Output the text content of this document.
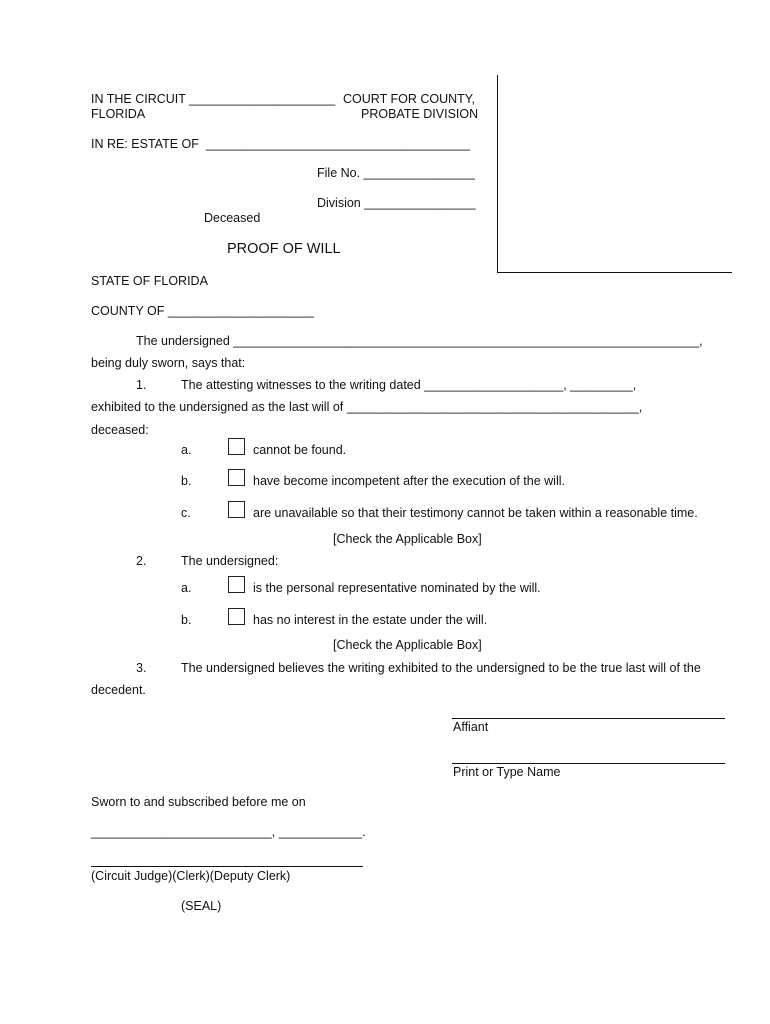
IN THE CIRCUIT _____________________ COURT FOR COUNTY,
FLORIDA	PROBATE DIVISION
IN RE: ESTATE OF  ______________________________________
File No. ________________
Division ________________
Deceased
PROOF OF WILL
STATE OF FLORIDA
COUNTY OF _____________________
The undersigned ___________________________________________________________________,
being duly sworn, says that:
1.	The attesting witnesses to the writing dated ____________________, _________,
exhibited to the undersigned as the last will of __________________________________________,
deceased:
a.	cannot be found.
b.	have become incompetent after the execution of the will.
c.	are unavailable so that their testimony cannot be taken within a reasonable time.
[Check the Applicable Box]
2.	The undersigned:
a.	is the personal representative nominated by the will.
b.	has no interest in the estate under the will.
[Check the Applicable Box]
3.	The undersigned believes the writing exhibited to the undersigned to be the true last will of the
decedent.
Affiant
Print or Type Name
Sworn to and subscribed before me on
__________________________, ____________.
(Circuit Judge)(Clerk)(Deputy Clerk)
(SEAL)
